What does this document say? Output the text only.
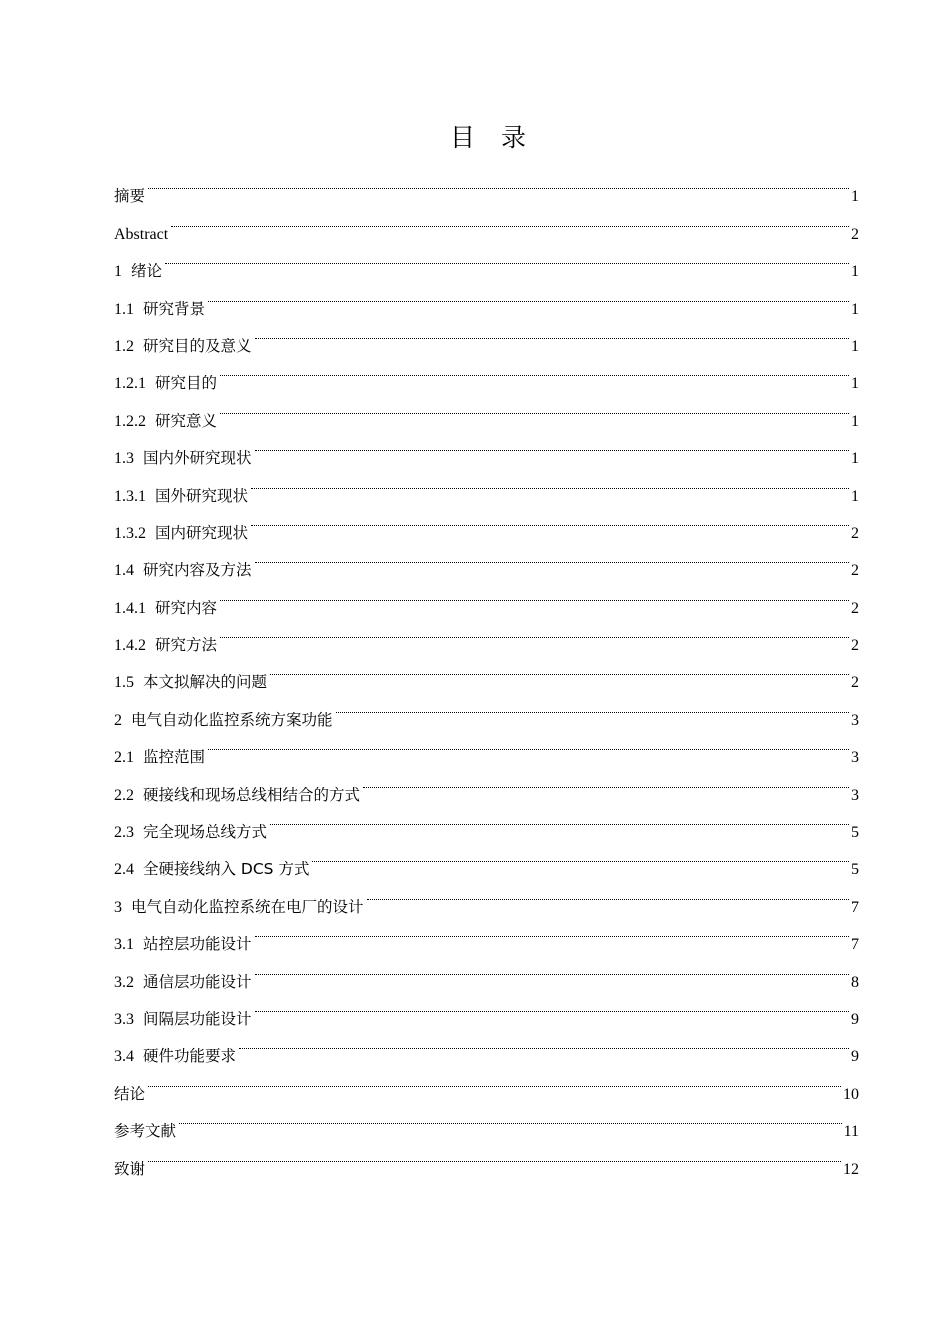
目 录
摘要	1
Abstract	2
1 绪论	1
1.1 研究背景	1
1.2 研究目的及意义	1
1.2.1 研究目的	1
1.2.2 研究意义	1
1.3 国内外研究现状	1
1.3.1 国外研究现状	1
1.3.2 国内研究现状	2
1.4 研究内容及方法	2
1.4.1 研究内容	2
1.4.2 研究方法	2
1.5 本文拟解决的问题	2
2 电气自动化监控系统方案功能	3
2.1 监控范围	3
2.2 硬接线和现场总线相结合的方式	3
2.3 完全现场总线方式	5
2.4 全硬接线纳入 DCS 方式	5
3 电气自动化监控系统在电厂的设计	7
3.1 站控层功能设计	7
3.2 通信层功能设计	8
3.3 间隔层功能设计	9
3.4 硬件功能要求	9
结论	10
参考文献	11
致谢	12
